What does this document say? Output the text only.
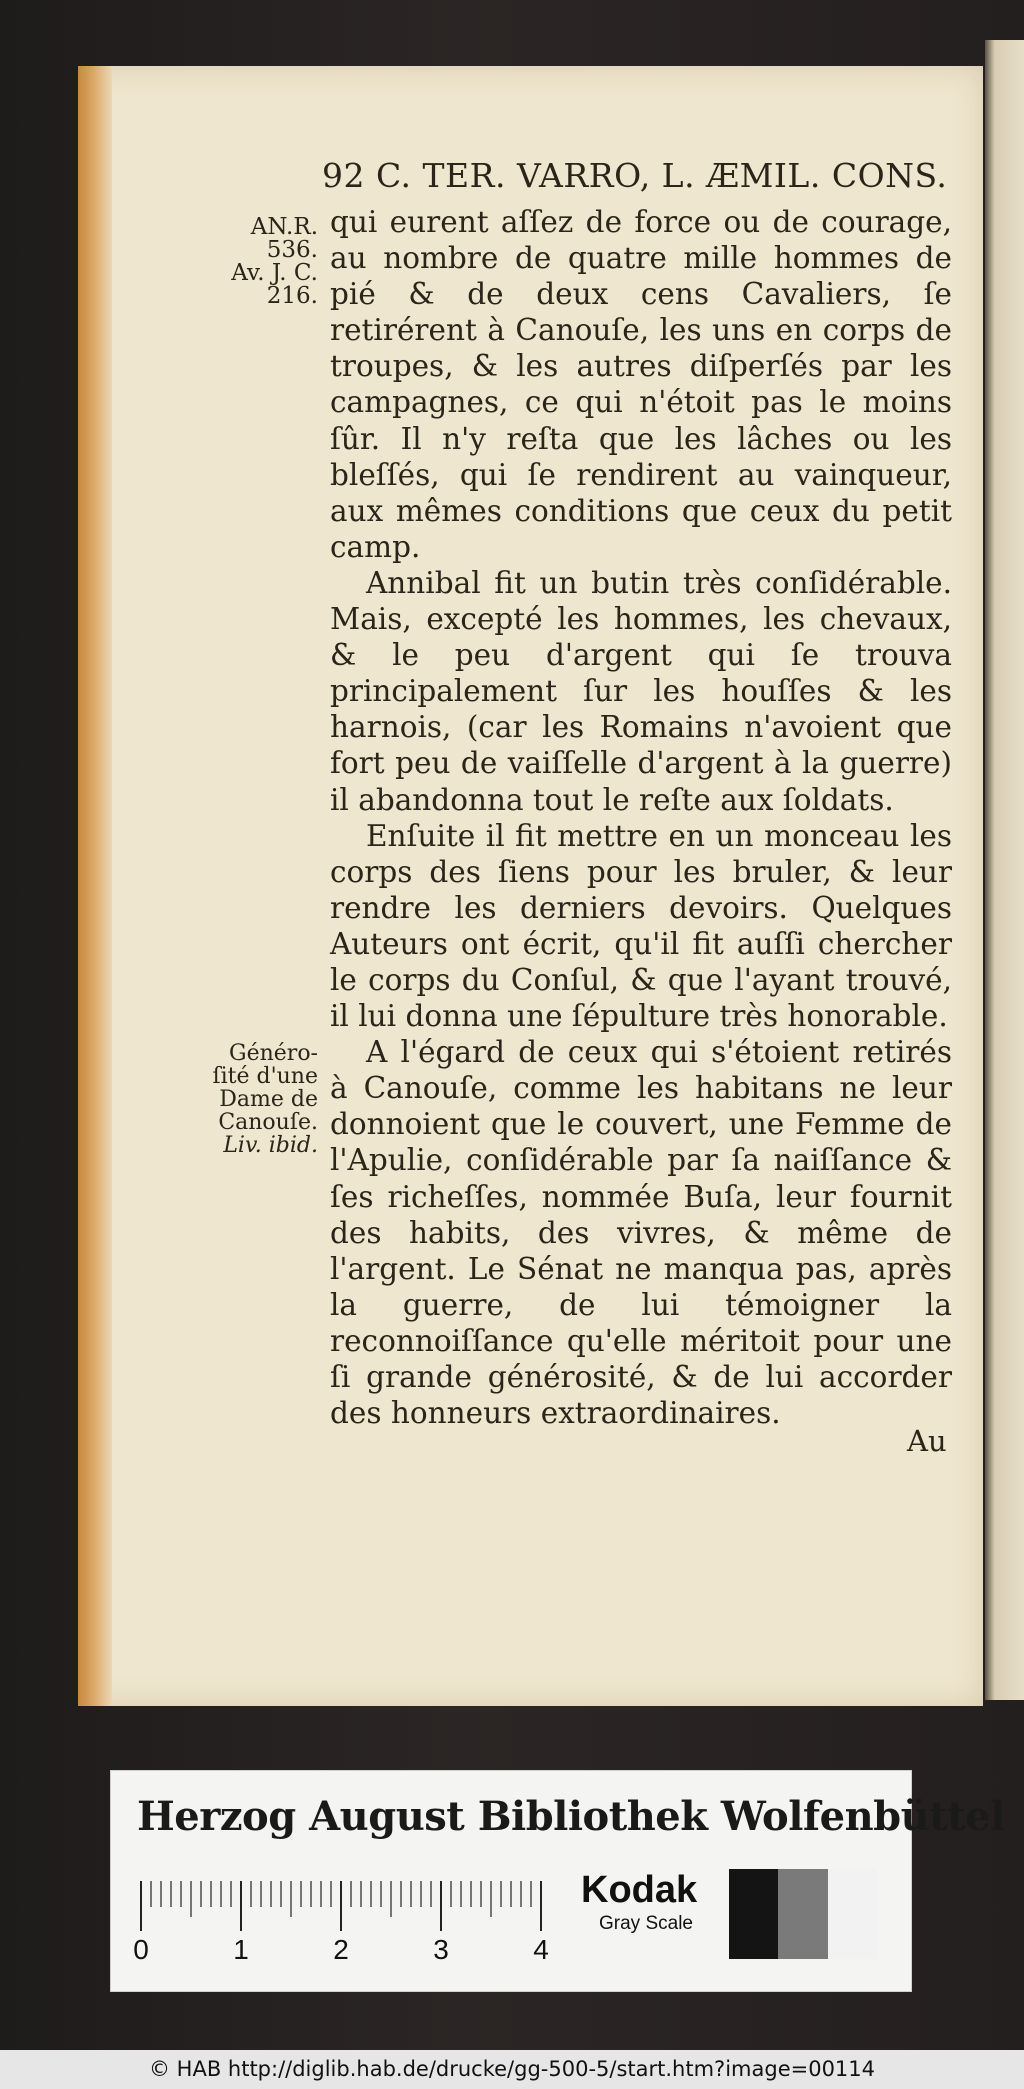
92 C. TER. VARRO, L. ÆMIL. CONS.
AN.R.
536.
Av. J. C.
216.
Généro-
ſité d'une
Dame de
Canouſe.
Liv. ibid.

qui eurent aſſez de force ou de courage, au nombre de quatre mille hommes de pié & de deux cens Cavaliers, ſe retirérent à Canouſe, les uns en corps de troupes, & les autres diſperſés par les campagnes, ce qui n'étoit pas le moins ſûr. Il n'y reſta que les lâches ou les bleſſés, qui ſe rendirent au vainqueur, aux mêmes conditions que ceux du petit camp.

Annibal fit un butin très conſidérable. Mais, excepté les hommes, les chevaux, & le peu d'argent qui ſe trouva principalement ſur les houſſes & les harnois, (car les Romains n'avoient que fort peu de vaiſſelle d'argent à la guerre) il abandonna tout le reſte aux ſoldats.

Enſuite il fit mettre en un monceau les corps des ſiens pour les bruler, & leur rendre les derniers devoirs. Quelques Auteurs ont écrit, qu'il fit auſſi chercher le corps du Conſul, & que l'ayant trouvé, il lui donna une ſépulture très honorable.

A l'égard de ceux qui s'étoient retirés à Canouſe, comme les habitans ne leur donnoient que le couvert, une Femme de l'Apulie, conſidérable par ſa naiſſance & ſes richeſſes, nommée Buſa, leur fournit des habits, des vivres, & même de l'argent. Le Sénat ne manqua pas, après la guerre, de lui témoigner la reconnoiſſance qu'elle méritoit pour une ſi grande générosité, & de lui accorder des honneurs extraordinaires.

Au
Herzog August Bibliothek Wolfenbüttel
0	1	2	3	4
Kodak
Gray Scale
© HAB http://diglib.hab.de/drucke/gg-500-5/start.htm?image=00114
